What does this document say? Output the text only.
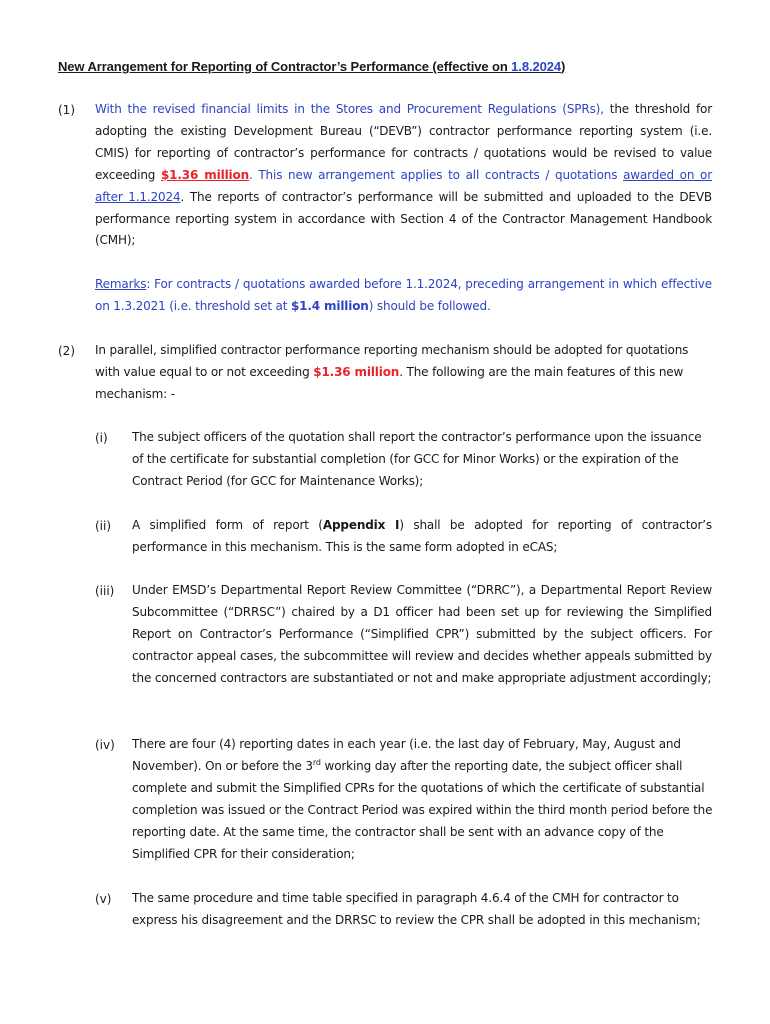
New Arrangement for Reporting of Contractor’s Performance (effective on 1.8.2024)
(1) With the revised financial limits in the Stores and Procurement Regulations (SPRs), the threshold for adopting the existing Development Bureau (“DEVB”) contractor performance reporting system (i.e. CMIS) for reporting of contractor’s performance for contracts / quotations would be revised to value exceeding $1.36 million. This new arrangement applies to all contracts / quotations awarded on or after 1.1.2024. The reports of contractor’s performance will be submitted and uploaded to the DEVB performance reporting system in accordance with Section 4 of the Contractor Management Handbook (CMH);
Remarks: For contracts / quotations awarded before 1.1.2024, preceding arrangement in which effective on 1.3.2021 (i.e. threshold set at $1.4 million) should be followed.
(2) In parallel, simplified contractor performance reporting mechanism should be adopted for quotations with value equal to or not exceeding $1.36 million. The following are the main features of this new mechanism: -
(i) The subject officers of the quotation shall report the contractor’s performance upon the issuance of the certificate for substantial completion (for GCC for Minor Works) or the expiration of the Contract Period (for GCC for Maintenance Works);
(ii) A simplified form of report (Appendix I) shall be adopted for reporting of contractor’s performance in this mechanism. This is the same form adopted in eCAS;
(iii) Under EMSD’s Departmental Report Review Committee (“DRRC”), a Departmental Report Review Subcommittee (“DRRSC”) chaired by a D1 officer had been set up for reviewing the Simplified Report on Contractor’s Performance (“Simplified CPR”) submitted by the subject officers. For contractor appeal cases, the subcommittee will review and decides whether appeals submitted by the concerned contractors are substantiated or not and make appropriate adjustment accordingly;
(iv) There are four (4) reporting dates in each year (i.e. the last day of February, May, August and November). On or before the 3rd working day after the reporting date, the subject officer shall complete and submit the Simplified CPRs for the quotations of which the certificate of substantial completion was issued or the Contract Period was expired within the third month period before the reporting date. At the same time, the contractor shall be sent with an advance copy of the Simplified CPR for their consideration;
(v) The same procedure and time table specified in paragraph 4.6.4 of the CMH for contractor to express his disagreement and the DRRSC to review the CPR shall be adopted in this mechanism;
